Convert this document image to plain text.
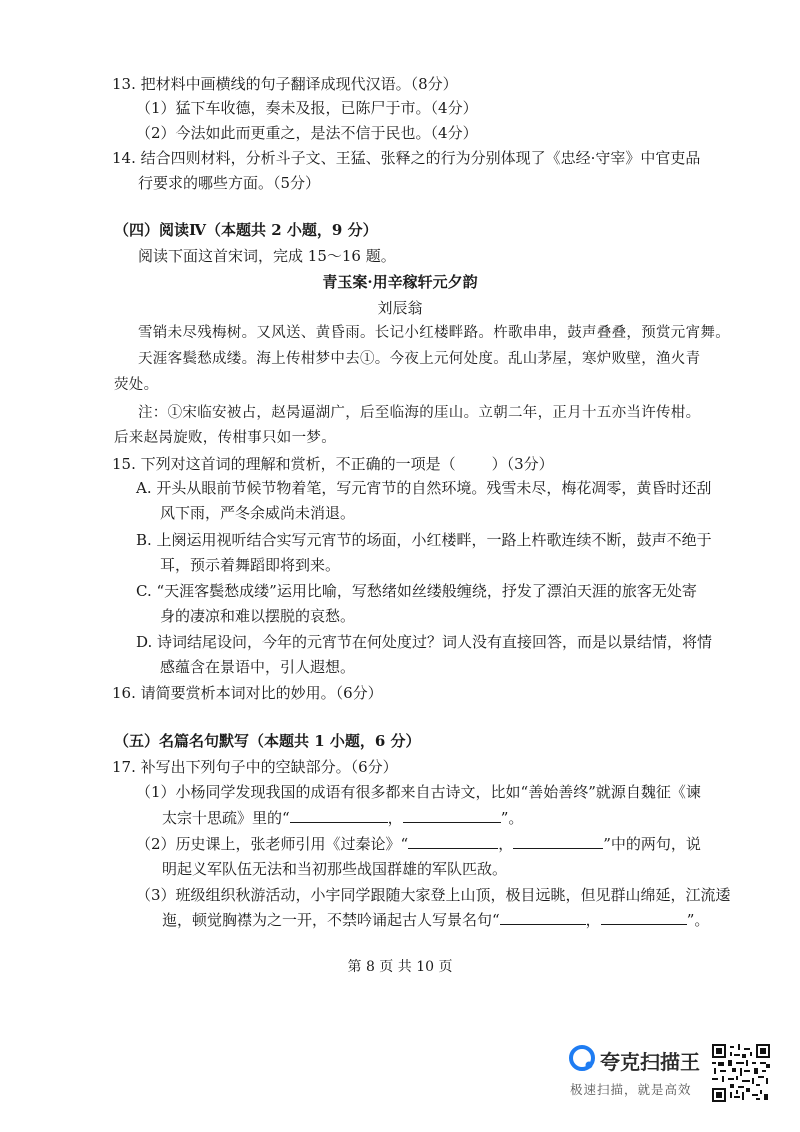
13. 把材料中画横线的句子翻译成现代汉语。（8分）
（1）猛下车收德，奏未及报，已陈尸于市。（4分）
（2）今法如此而更重之，是法不信于民也。（4分）
14. 结合四则材料，分析斗子文、王猛、张释之的行为分别体现了《忠经·守宰》中官吏品
行要求的哪些方面。（5分）
（四）阅读Ⅳ（本题共 2 小题，9 分）
阅读下面这首宋词，完成 15～16 题。
青玉案·用辛稼轩元夕韵
刘辰翁
雪销未尽残梅树。又风送、黄昏雨。长记小红楼畔路。杵歌串串，鼓声叠叠，预赏元宵舞。
天涯客鬓愁成缕。海上传柑梦中去①。今夜上元何处度。乱山茅屋，寒炉败壁，渔火青
荧处。
注：①宋临安被占，赵昺逼湖广，后至临海的厓山。立朝二年，正月十五亦当许传柑。
后来赵昺旋败，传柑事只如一梦。
15. 下列对这首词的理解和赏析，不正确的一项是（ ）（3分）
A. 开头从眼前节候节物着笔，写元宵节的自然环境。残雪未尽，梅花凋零，黄昏时还刮
风下雨，严冬余威尚未消退。
B. 上阕运用视听结合实写元宵节的场面，小红楼畔，一路上杵歌连续不断，鼓声不绝于
耳，预示着舞蹈即将到来。
C. “天涯客鬓愁成缕”运用比喻，写愁绪如丝缕般缠绕，抒发了漂泊天涯的旅客无处寄
身的凄凉和难以摆脱的哀愁。
D. 诗词结尾设问，今年的元宵节在何处度过？词人没有直接回答，而是以景结情，将情
感蕴含在景语中，引人遐想。
16. 请简要赏析本词对比的妙用。（6分）
（五）名篇名句默写（本题共 1 小题，6 分）
17. 补写出下列句子中的空缺部分。（6分）
（1）小杨同学发现我国的成语有很多都来自古诗文，比如“善始善终”就源自魏征《谏
太宗十思疏》里的“	，	”。
（2）历史课上，张老师引用《过秦论》“	，	”中的两句，说
明起义军队伍无法和当初那些战国群雄的军队匹敌。
（3）班级组织秋游活动，小宇同学跟随大家登上山顶，极目远眺，但见群山绵延，江流逶
迤，顿觉胸襟为之一开，不禁吟诵起古人写景名句“	，	”。
第 8 页 共 10 页
夸克扫描王
极速扫描，就是高效
